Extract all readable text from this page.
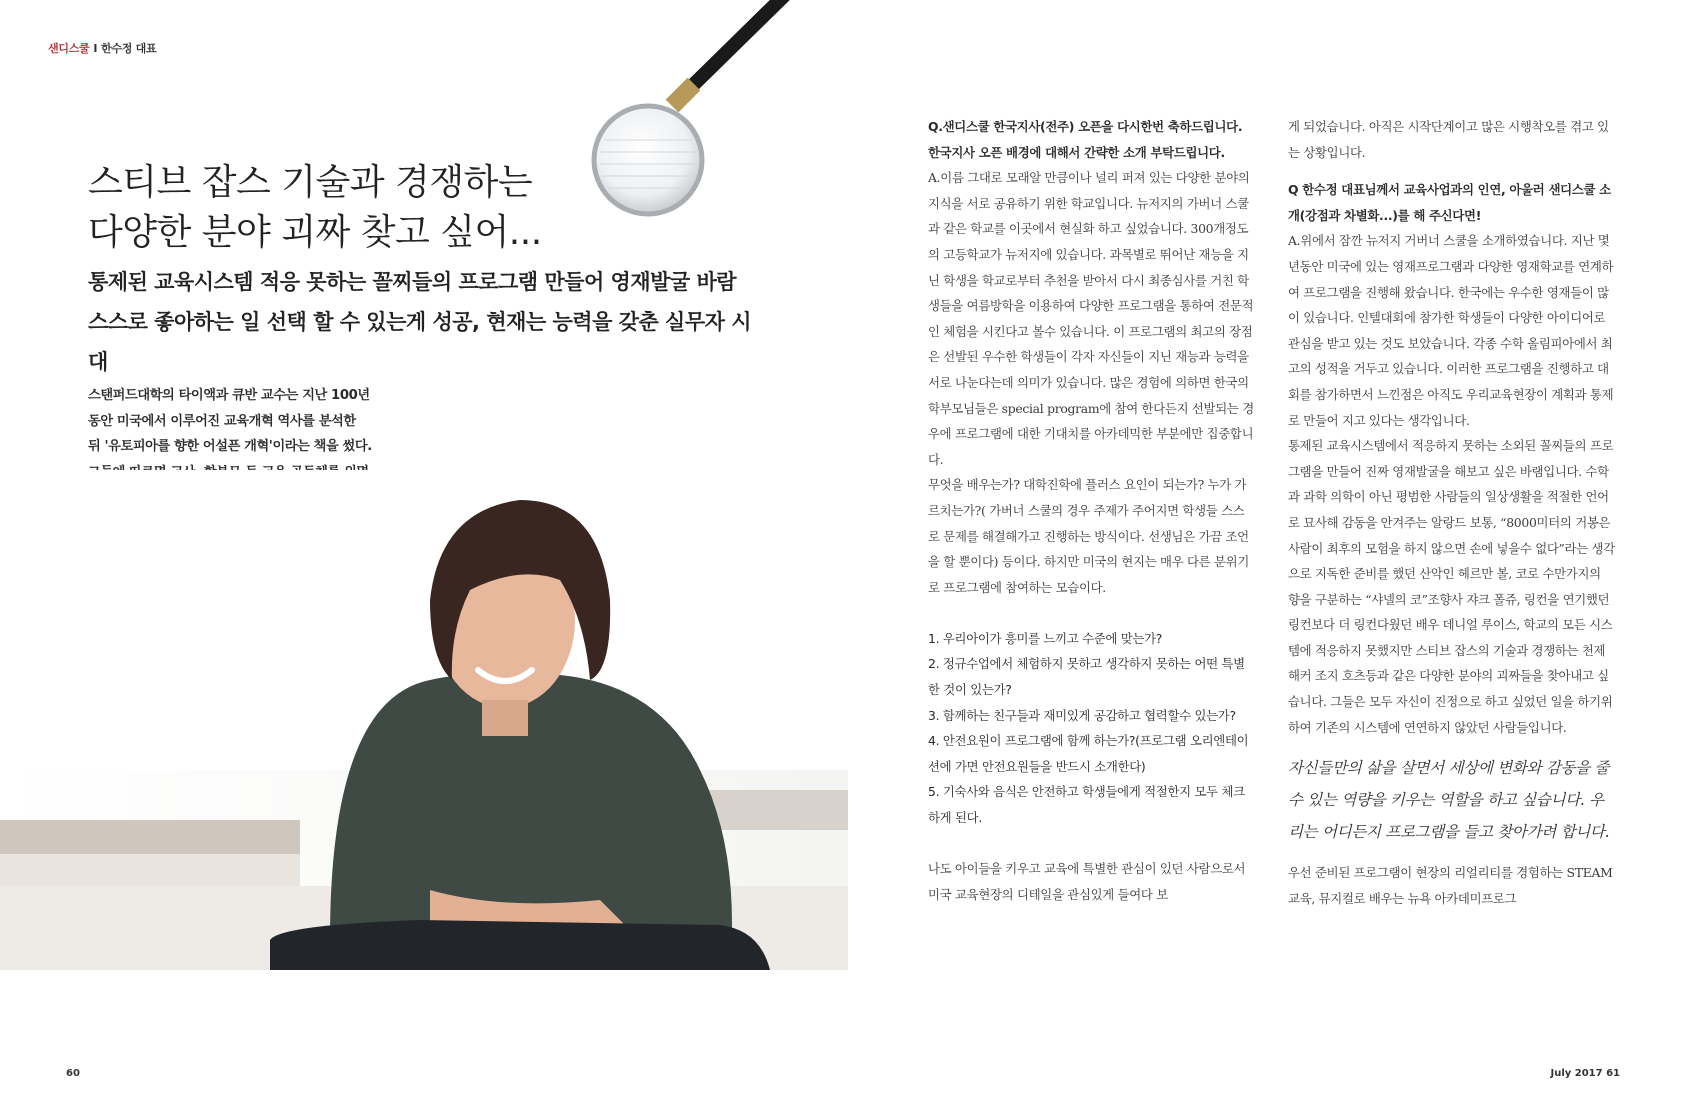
샌디스쿨 I 한수정 대표
스티브 잡스 기술과 경쟁하는
다양한 분야 괴짜 찾고 싶어...
통제된 교육시스템 적응 못하는 꼴찌들의 프로그램 만들어 영재발굴 바람
스스로 좋아하는 일 선택 할 수 있는게 성공, 현재는 능력을 갖춘 실무자 시대

스탠퍼드대학의 타이액과 큐반 교수는 지난 100년 동안 미국에서 이루어진 교육개혁 역사를 분석한 뒤 '유토피아를 향한 어설픈 개혁'이라는 책을 썼다.

Q.샌디스쿨 한국지사(전주) 오픈을 다시한번 축하드립니다. 한국지사 오픈 배경에 대해서 간략한 소개 부탁드립니다.

A.이름 그대로 모래알 만큼이나 널리 퍼져 있는 다양한 분야의 지식을 서로 공유하기 위한 학교입니다. 뉴저지의 가버너 스쿨과 같은 학교를 이곳에서 현실화 하고 싶었습니다. 300개정도의 고등학교가 뉴저지에 있습니다. 과목별로 뛰어난 재능을 지닌 학생을 학교로부터 추천을 받아서 다시 최종심사를 거친 학생들을 여름방학을 이용하여 다양한 프로그램을 통하여 전문적인 체험을 시킨다고 볼수 있습니다. 이 프로그램의 최고의 장점은 선발된 우수한 학생들이 각자 자신들이 지닌 재능과 능력을 서로 나눈다는데 의미가 있습니다. 많은 경험에 의하면 한국의 학부모님들은 special program에 참여 한다든지 선발되는 경우에 프로그램에 대한 기대치를 아카데믹한 부분에만 집중합니다.

무엇을 배우는가? 대학진학에 플러스 요인이 되는가? 누가 가르치는가?( 가버너 스쿨의 경우 주제가 주어지면 학생들 스스로 문제를 해결해가고 진행하는 방식이다. 선생님은 가끔 조언을 할 뿐이다) 등이다. 하지만 미국의 현지는 매우 다른 분위기로 프로그램에 참여하는 모습이다.

1. 우리아이가 흥미를 느끼고 수준에 맞는가?

2. 정규수업에서 체험하지 못하고 생각하지 못하는 어떤 특별한 것이 있는가?

3. 함께하는 친구들과 재미있게 공감하고 협력할수 있는가?

4. 안전요원이 프로그램에 함께 하는가?(프로그램 오리엔테이션에 가면 안전요원들을 반드시 소개한다)

5. 기숙사와 음식은 안전하고 학생들에게 적절한지 모두 체크하게 된다.

나도 아이들을 키우고 교육에 특별한 관심이 있던 사람으로서 미국 교육현장의 디테일을 관심있게 들여다 보

게 되었습니다. 아직은 시작단계이고 많은 시행착오를 겪고 있는 상황입니다.

Q 한수정 대표님께서 교육사업과의 인연, 아울러 샌디스쿨 소개(강점과 차별화...)를 해 주신다면!

A.위에서 잠깐 뉴저지 거버너 스쿨을 소개하였습니다. 지난 몇 년동안 미국에 있는 영재프로그램과 다양한 영재학교를 연계하여 프로그램을 진행해 왔습니다. 한국에는 우수한 영재들이 많이 있습니다. 인텔대회에 참가한 학생들이 다양한 아이디어로 관심을 받고 있는 것도 보았습니다. 각종 수학 올림피아에서 최고의 성적을 거두고 있습니다. 이러한 프로그램을 진행하고 대회를 참가하면서 느낀점은 아직도 우리교육현장이 계획과 통제로 만들어 지고 있다는 생각입니다.

통제된 교육시스템에서 적응하지 못하는 소외된 꼴찌들의 프로그램을 만들어 진짜 영재발굴을 해보고 싶은 바램입니다. 수학과 과학 의학이 아닌 평범한 사람들의 일상생활을 적절한 언어로 묘사해 감동을 안겨주는 알랑드 보통, “8000미터의 거봉은 사람이 최후의 모험을 하지 않으면 손에 넣을수 없다”라는 생각으로 지독한 준비를 했던 산악인 헤르만 볼, 코로 수만가지의 향을 구분하는 “샤넬의 코”조향사 쟈크 폴쥬, 링컨을 연기했던 링컨보다 더 링컨다웠던 배우 데니얼 루이스, 학교의 모든 시스템에 적응하지 못했지만 스티브 잡스의 기술과 경쟁하는 천제해커 조지 호츠등과 같은 다양한 분야의 괴짜들을 찾아내고 싶습니다. 그들은 모두 자신이 진정으로 하고 싶었던 일을 하기위하여 기존의 시스템에 연연하지 않았던 사람들입니다.

자신들만의 삶을 살면서 세상에 변화와 감동을 줄 수 있는 역량을 키우는 역할을 하고 싶습니다. 우리는 어디든지 프로그램을 들고 찾아가려 합니다.

우선 준비된 프로그램이 현장의 리얼리티를 경험하는 STEAM교육, 뮤지컬로 배우는 뉴욕 아카데미프로그

60	July 2017 61
